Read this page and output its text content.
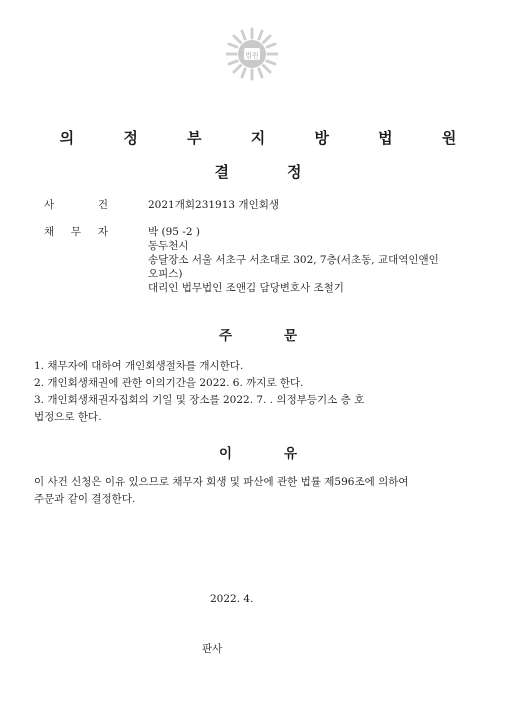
법원
의 정 부 지 방 법 원
결	정
사	건	2021개회231913 개인회생
채 무 자	박 (95 -2 )
동두천시
송달장소 서울 서초구 서초대로 302, 7층(서초동, 교대역인앤인
오피스)
대리인 법무법인 조앤김 담당변호사 조철기
주	문
1. 채무자에 대하여 개인회생절차를 개시한다.
2. 개인회생채권에 관한 이의기간을 2022. 6. 까지로 한다.
3. 개인회생채권자집회의 기일 및 장소를 2022. 7. . 의정부등기소 층 호
법정으로 한다.
이	유
이 사건 신청은 이유 있으므로 채무자 회생 및 파산에 관한 법률 제596조에 의하여
주문과 같이 결정한다.
2022. 4.
판사
